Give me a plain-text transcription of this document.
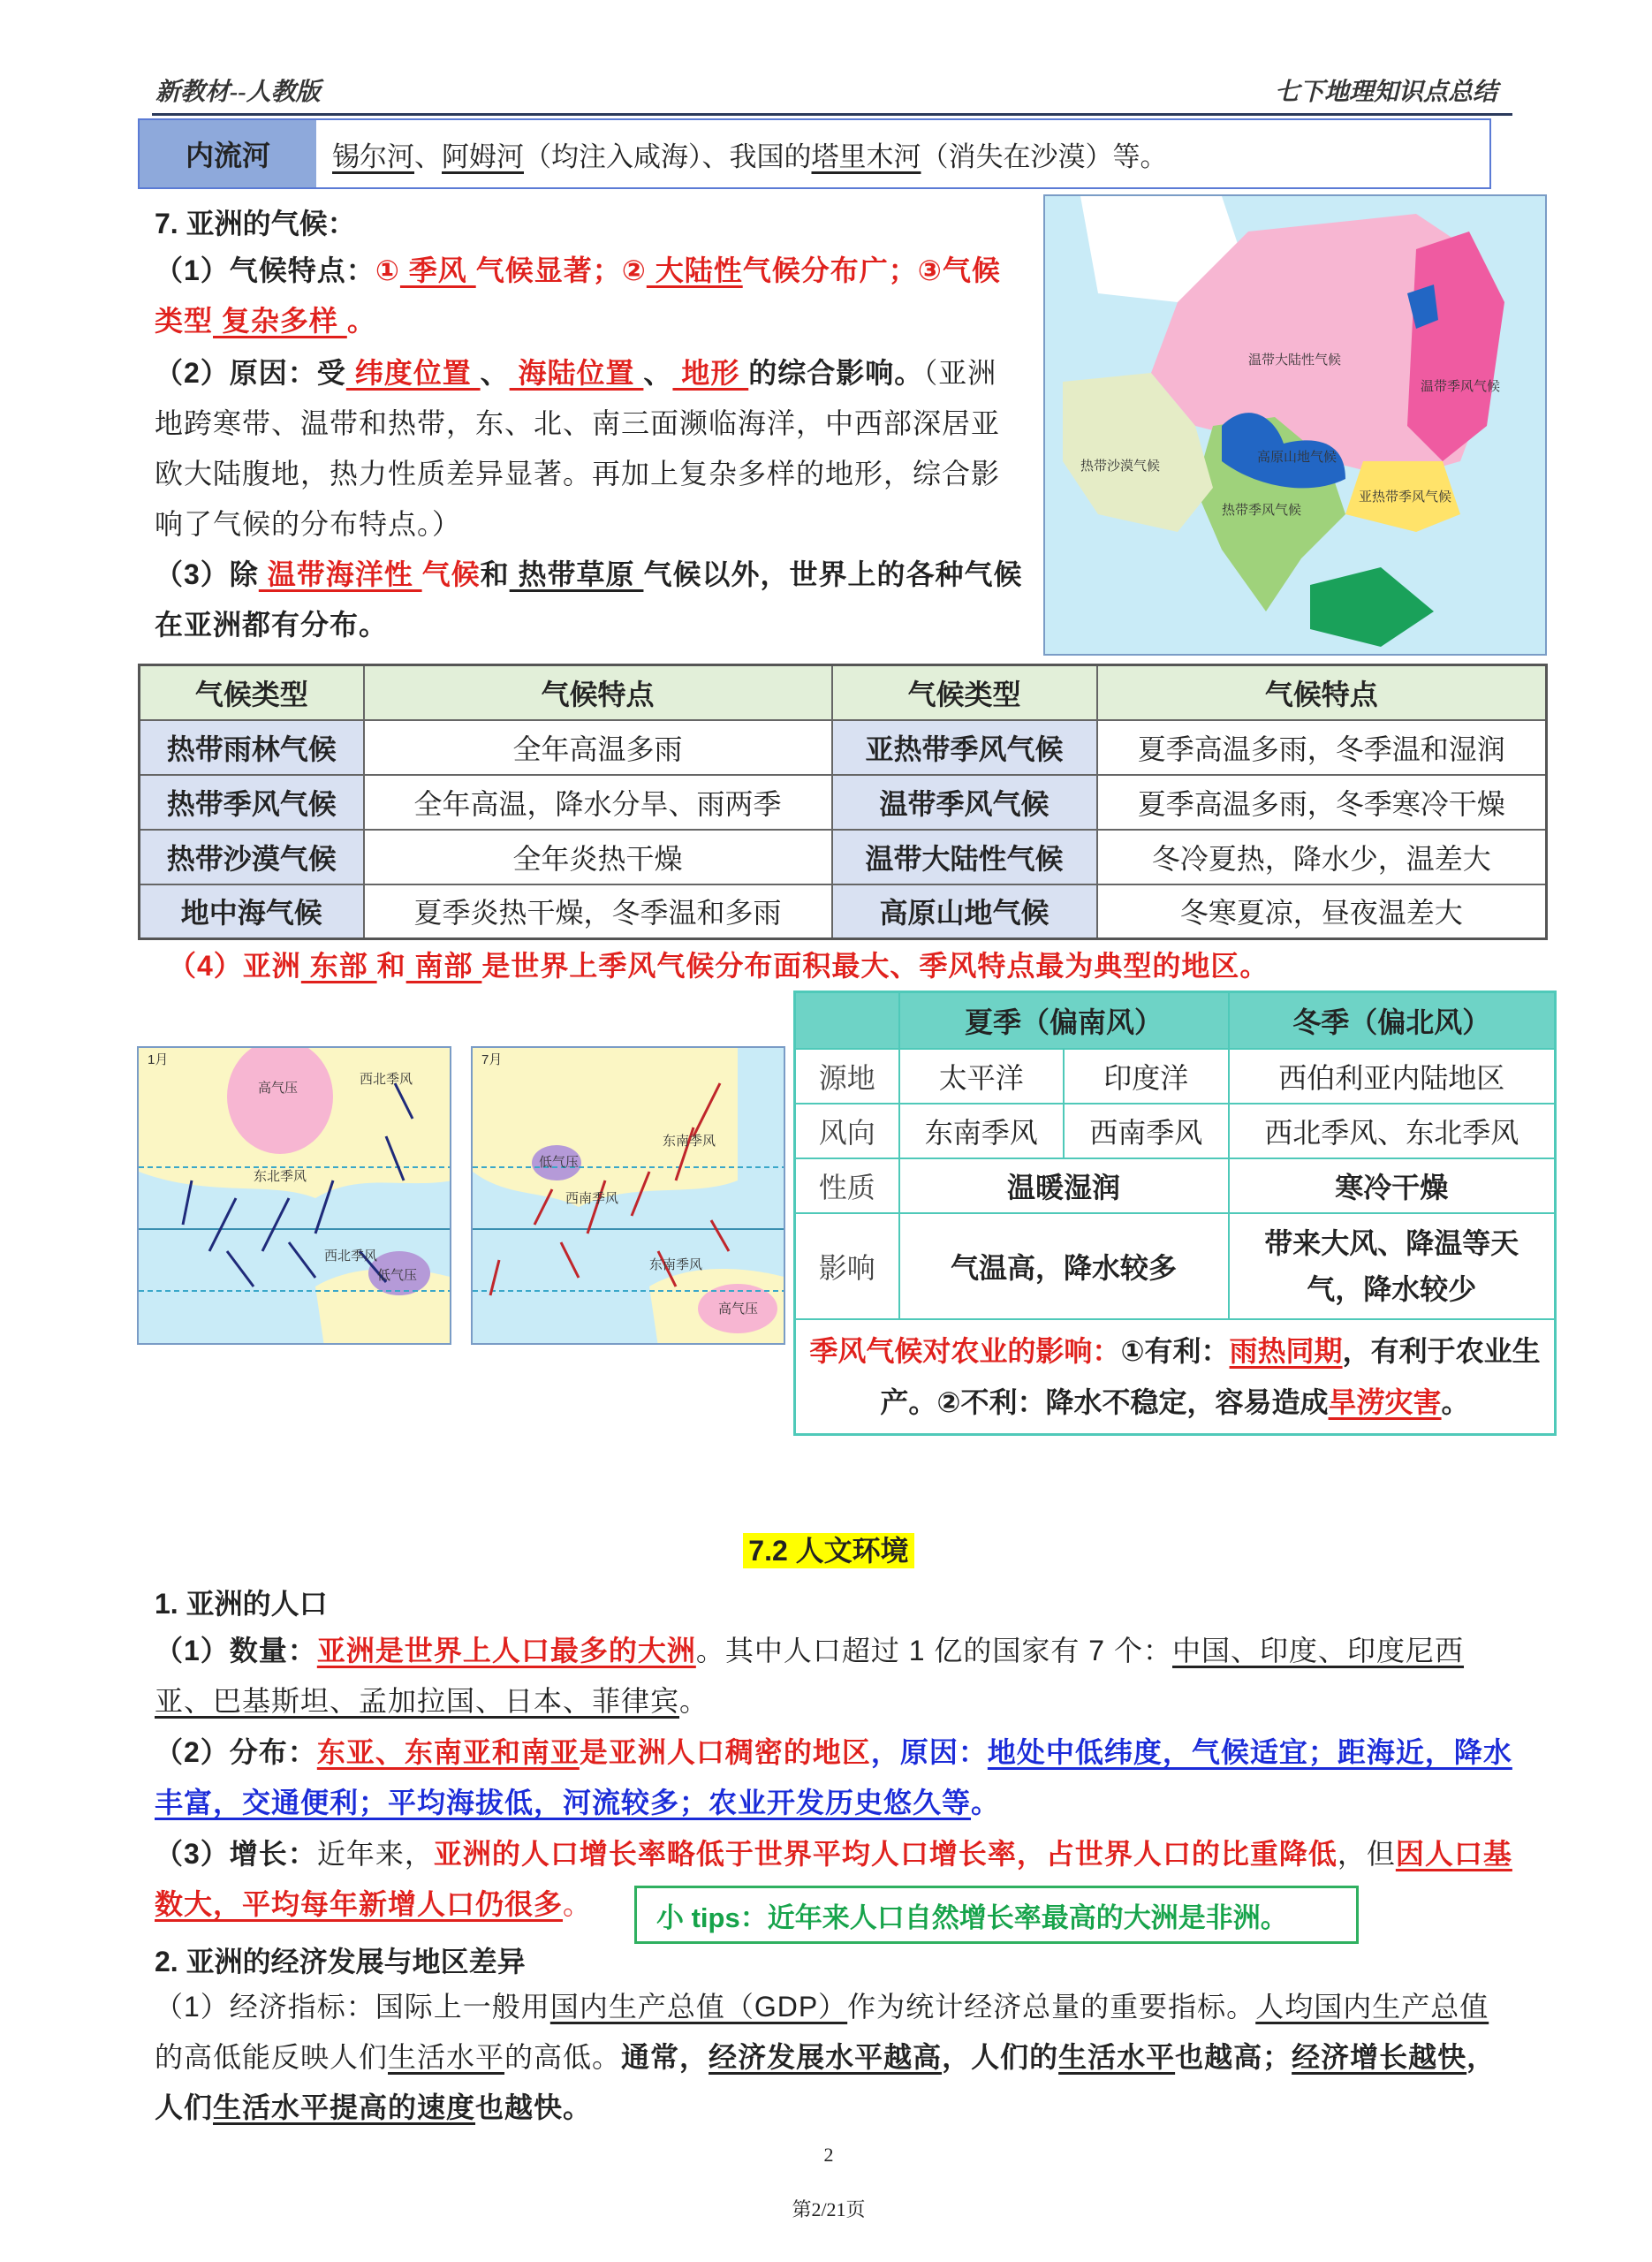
新教材--人教版	七下地理知识点总结
内流河	锡尔河 、 阿姆河 （均注入咸海）、我国的 塔里木河 （消失在沙漠）等。
7. 亚洲的气候：
（1）气候特点：① 季风 气候显著；② 大陆性气候分布广；③气候类型 复杂多样 。
（2）原因：受 纬度位置 、 海陆位置 、 地形 的综合影响。（亚洲地跨寒带、温带和热带，东、北、南三面濒临海洋，中西部深居亚欧大陆腹地，热力性质差异显著。再加上复杂多样的地形，综合影响了气候的分布特点。）
（3）除 温带海洋性 气候和 热带草原 气候以外，世界上的各种气候在亚洲都有分布。
温带大陆性气候
热带沙漠气候
高原山地气候
亚热带季风气候
热带季风气候
温带季风气候
气候类型	气候特点	气候类型	气候特点
热带雨林气候	全年高温多雨	亚热带季风气候	夏季高温多雨，冬季温和湿润
热带季风气候	全年高温，降水分旱、雨两季	温带季风气候	夏季高温多雨，冬季寒冷干燥
热带沙漠气候	全年炎热干燥	温带大陆性气候	冬冷夏热，降水少，温差大
地中海气候	夏季炎热干燥，冬季温和多雨	高原山地气候	冬寒夏凉，昼夜温差大
（4）亚洲 东部 和 南部 是世界上季风气候分布面积最大、季风特点最为典型的地区。
1月
高气压
低气压
西北季风
东北季风
西北季风
7月
高气压
低气压
东南季风
西南季风
东南季风
	夏季（偏南风）		冬季（偏北风）
源地	太平洋	印度洋	西伯利亚内陆地区
风向	东南季风	西南季风	西北季风、东北季风
性质	温暖湿润		寒冷干燥
影响	气温高，降水较多		带来大风、降温等天气，降水较少
季风气候对农业的影响：①有利：雨热同期，有利于农业生产。②不利：降水不稳定，容易造成旱涝灾害。			
7.2 人文环境
1. 亚洲的人口
（1）数量：亚洲是世界上人口最多的大洲。其中人口超过 1 亿的国家有 7 个：中国、印度、印度尼西亚、巴基斯坦、孟加拉国、日本、菲律宾。
（2）分布：东亚、东南亚和南亚是亚洲人口稠密的地区，原因：地处中低纬度，气候适宜；距海近，降水丰富，交通便利；平均海拔低，河流较多；农业开发历史悠久等。
（3）增长：近年来，亚洲的人口增长率略低于世界平均人口增长率，占世界人口的比重降低，但因人口基数大，平均每年新增人口仍很多。	小 tips：近年来人口自然增长率最高的大洲是非洲。
2. 亚洲的经济发展与地区差异
（1）经济指标：国际上一般用国内生产总值（GDP）作为统计经济总量的重要指标。人均国内生产总值的高低能反映人们生活水平的高低。通常，经济发展水平越高，人们的生活水平也越高；经济增长越快，人们生活水平提高的速度也越快。
2
第2/21页
